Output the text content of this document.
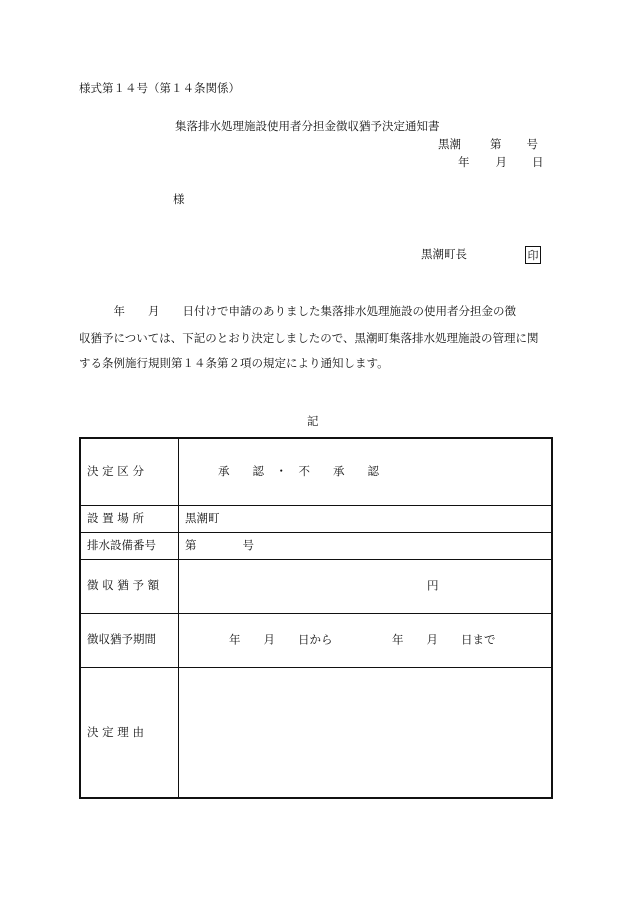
様式第１４号（第１４条関係）
集落排水処理施設使用者分担金徴収猶予決定通知書
黒潮	第 号
年 月 日
様
黒潮町長	印
　　　年　　月　　日付けで申請のありました集落排水処理施設の使用者分担金の徴
収猶予については、下記のとおり決定しましたので、黒潮町集落排水処理施設の管理に関
する条例施行規則第１４条第２項の規定により通知します。
記
決 定 区 分	承　　認　・　不　　承　　認
設 置 場 所	黒潮町
排水設備番号	第 号
徴 収 猶 予 額	円

徴収猶予期間	年　　月　　日から 年　　月　　日まで

決 定 理 由	
